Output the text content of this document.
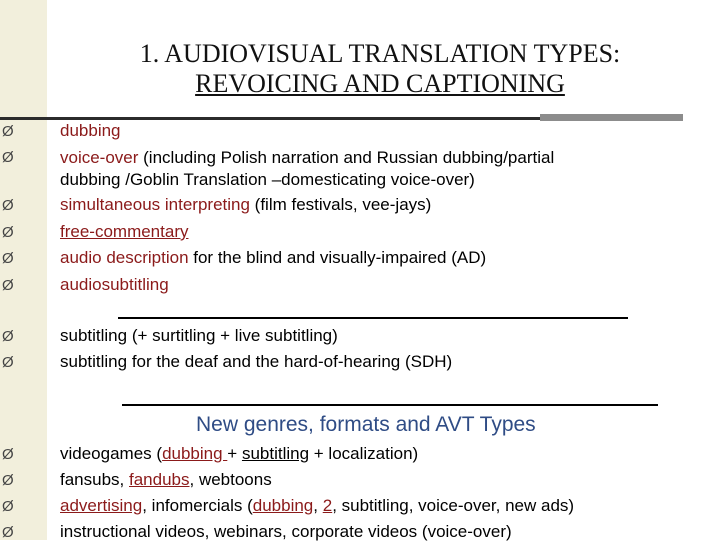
1. AUDIOVISUAL TRANSLATION TYPES:
REVOICING AND CAPTIONING
Ø
Ø
Ø
Ø
Ø
Ø
Ø
Ø
Ø
Ø
Ø
Ø
dubbing
voice-over (including Polish narration and Russian dubbing/partial
dubbing /Goblin Translation –domesticating voice-over)
simultaneous interpreting (film festivals, vee-jays)
free-commentary
audio description for the blind and visually-impaired (AD)
audiosubtitling
subtitling (+ surtitling + live subtitling)
subtitling for the deaf and the hard-of-hearing (SDH)
New genres, formats and AVT Types
videogames (dubbing + subtitling + localization)
fansubs, fandubs, webtoons
advertising, infomercials (dubbing, 2, subtitling, voice-over, new ads)
instructional videos, webinars, corporate videos (voice-over)
